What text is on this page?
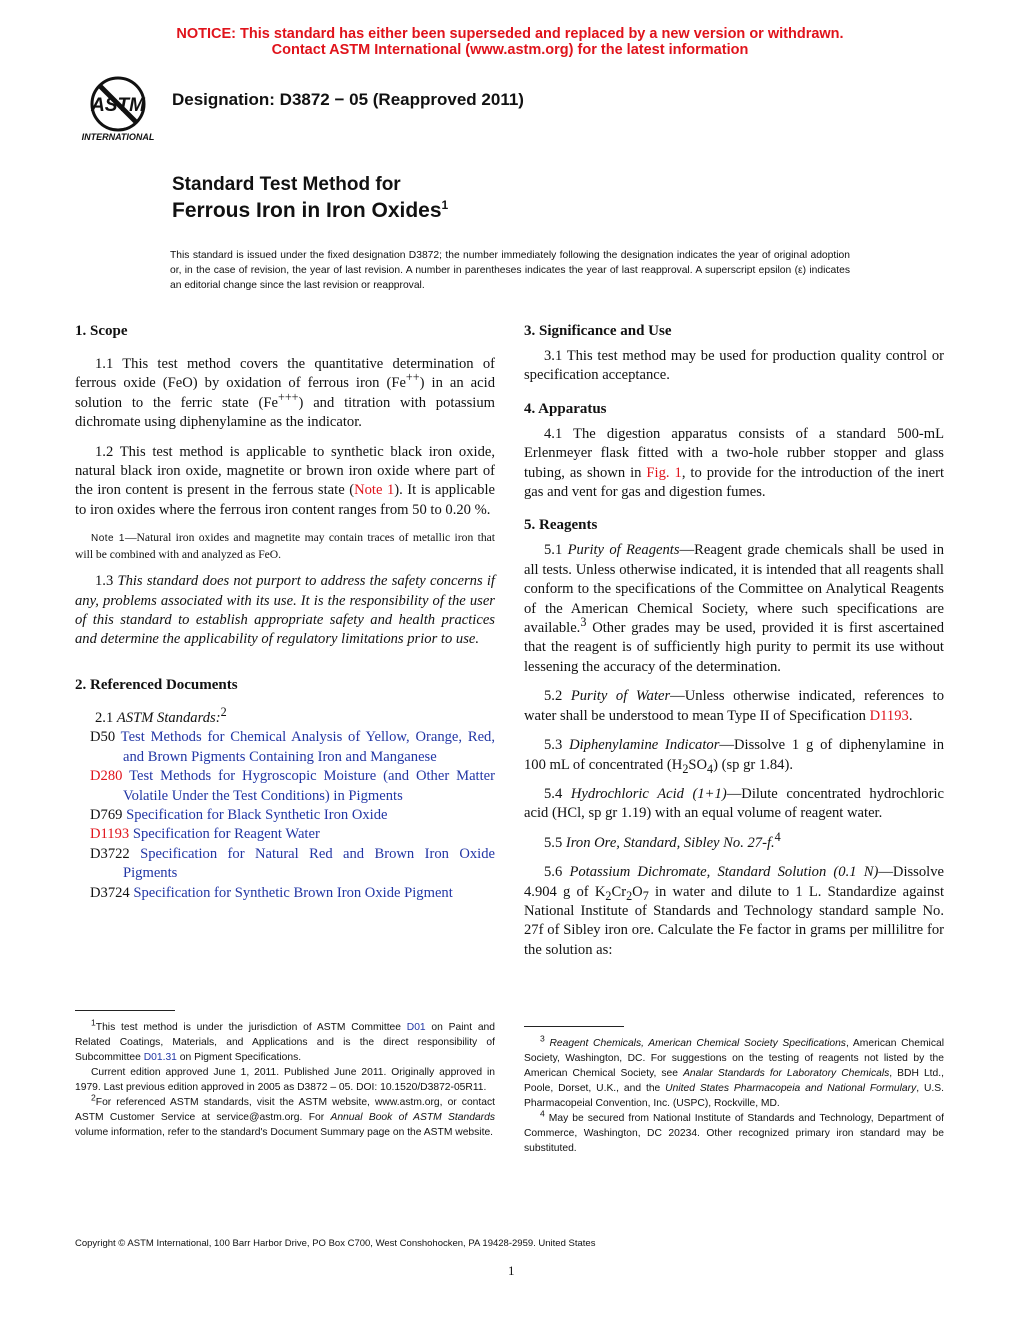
NOTICE: This standard has either been superseded and replaced by a new version or withdrawn.
Contact ASTM International (www.astm.org) for the latest information
ASTM
INTERNATIONAL
Designation: D3872 − 05 (Reapproved 2011)
Standard Test Method for
Ferrous Iron in Iron Oxides$^1$
This standard is issued under the fixed designation D3872; the number immediately following the designation indicates the year of original adoption or, in the case of revision, the year of last revision. A number in parentheses indicates the year of last reapproval. A superscript epsilon (ε) indicates an editorial change since the last revision or reapproval.
1. Scope

1.1 This test method covers the quantitative determination of ferrous oxide (FeO) by oxidation of ferrous iron (Fe++) in an acid solution to the ferric state (Fe+++) and titration with potassium dichromate using diphenylamine as the indicator.

1.2 This test method is applicable to synthetic black iron oxide, natural black iron oxide, magnetite or brown iron oxide where part of the iron content is present in the ferrous state (Note 1). It is applicable to iron oxides where the ferrous iron content ranges from 50 to 0.20 %.

Note 1—Natural iron oxides and magnetite may contain traces of metallic iron that will be combined with and analyzed as FeO.

1.3 This standard does not purport to address the safety concerns if any, problems associated with its use. It is the responsibility of the user of this standard to establish appropriate safety and health practices and determine the applicability of regulatory limitations prior to use.

2. Referenced Documents

2.1 ASTM Standards:$^2$

D50 Test Methods for Chemical Analysis of Yellow, Orange, Red, and Brown Pigments Containing Iron and Manganese

D280 Test Methods for Hygroscopic Moisture (and Other Matter Volatile Under the Test Conditions) in Pigments

D769 Specification for Black Synthetic Iron Oxide

D1193 Specification for Reagent Water

D3722 Specification for Natural Red and Brown Iron Oxide Pigments

D3724 Specification for Synthetic Brown Iron Oxide Pigment

3. Significance and Use

3.1 This test method may be used for production quality control or specification acceptance.

4. Apparatus

4.1 The digestion apparatus consists of a standard 500-mL Erlenmeyer flask fitted with a two-hole rubber stopper and glass tubing, as shown in Fig. 1, to provide for the introduction of the inert gas and vent for gas and digestion fumes.

5. Reagents

5.1 Purity of Reagents—Reagent grade chemicals shall be used in all tests. Unless otherwise indicated, it is intended that all reagents shall conform to the specifications of the Committee on Analytical Reagents of the American Chemical Society, where such specifications are available.$^3$ Other grades may be used, provided it is first ascertained that the reagent is of sufficiently high purity to permit its use without lessening the accuracy of the determination.

5.2 Purity of Water—Unless otherwise indicated, references to water shall be understood to mean Type II of Specification D1193.

5.3 Diphenylamine Indicator—Dissolve 1 g of diphenylamine in 100 mL of concentrated $(H_2SO_4)$ (sp gr 1.84).

5.4 Hydrochloric Acid (1+1)—Dilute concentrated hydrochloric acid (HCl, sp gr 1.19) with an equal volume of reagent water.

5.5 Iron Ore, Standard, Sibley No. 27-f.$^4$

5.6 Potassium Dichromate, Standard Solution (0.1 N)—Dissolve 4.904 g of $K_2Cr_2O_7$ in water and dilute to 1 L. Standardize against National Institute of Standards and Technology standard sample No. 27f of Sibley iron ore. Calculate the Fe factor in grams per millilitre for the solution as:

$^1$This test method is under the jurisdiction of ASTM Committee D01 on Paint and Related Coatings, Materials, and Applications and is the direct responsibility of Subcommittee D01.31 on Pigment Specifications.

Current edition approved June 1, 2011. Published June 2011. Originally approved in 1979. Last previous edition approved in 2005 as D3872 – 05. DOI: 10.1520/D3872-05R11.

$^2$For referenced ASTM standards, visit the ASTM website, www.astm.org, or contact ASTM Customer Service at service@astm.org. For Annual Book of ASTM Standards volume information, refer to the standard's Document Summary page on the ASTM website.

$^3$ Reagent Chemicals, American Chemical Society Specifications, American Chemical Society, Washington, DC. For suggestions on the testing of reagents not listed by the American Chemical Society, see Analar Standards for Laboratory Chemicals, BDH Ltd., Poole, Dorset, U.K., and the United States Pharmacopeia and National Formulary, U.S. Pharmacopeial Convention, Inc. (USPC), Rockville, MD.

$^4$ May be secured from National Institute of Standards and Technology, Department of Commerce, Washington, DC 20234. Other recognized primary iron standard may be substituted.

Copyright © ASTM International, 100 Barr Harbor Drive, PO Box C700, West Conshohocken, PA 19428-2959. United States
1
